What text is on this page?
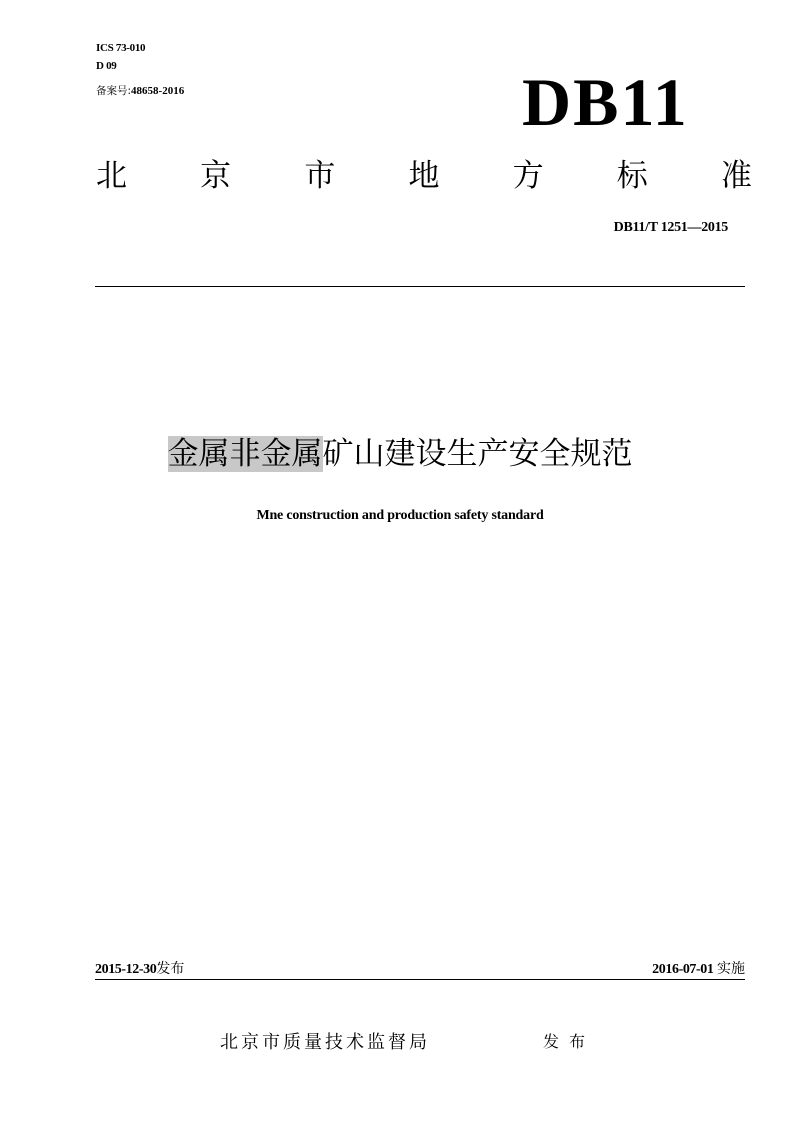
ICS 73-010
D 09
备案号:48658-2016	DB11
北 京 市 地 方 标 准
DB11/T 1251—2015
金属非金属矿山建设生产安全规范
Mne construction and production safety standard
2015-12-30发布	2016-07-01 实施
北京市质量技术监督局	发布
